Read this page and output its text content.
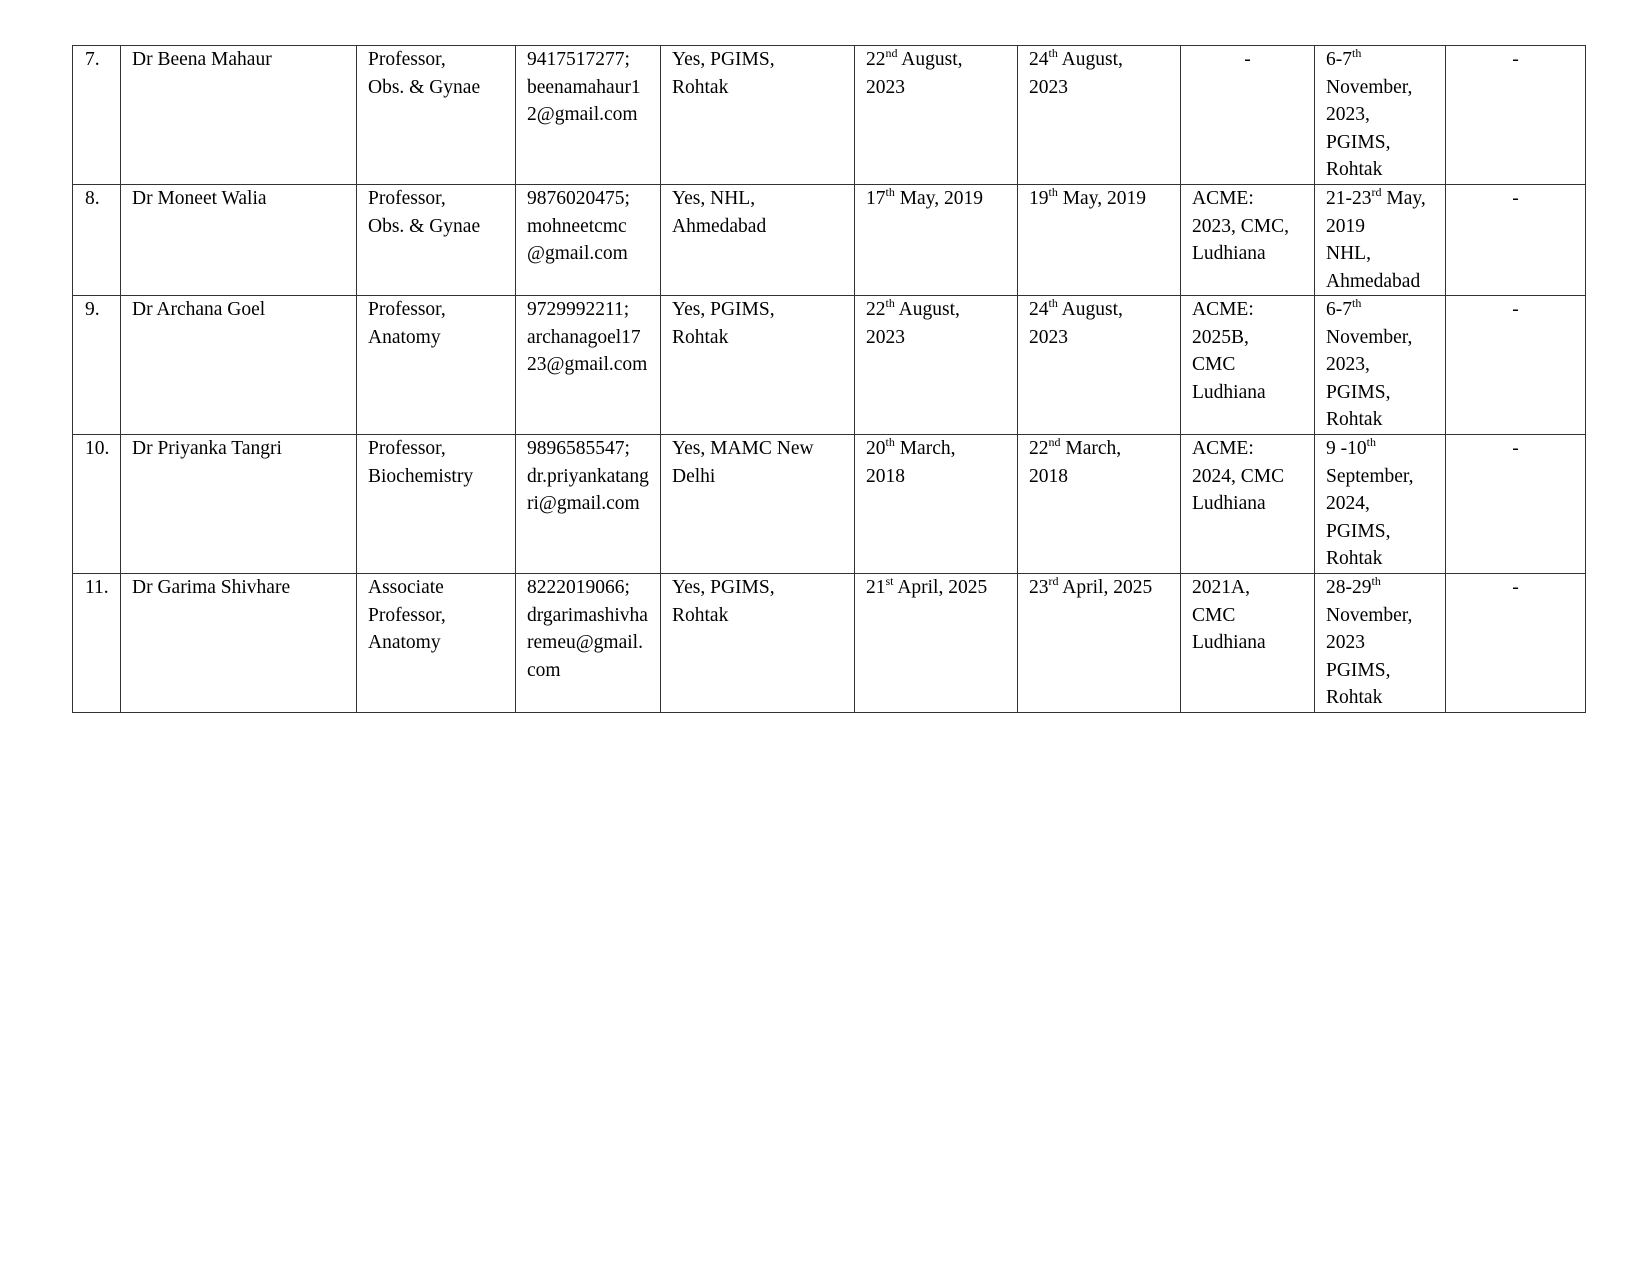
7.	Dr Beena Mahaur	Professor,
Obs. & Gynae	9417517277;
beenamahaur12@gmail.com	Yes, PGIMS,
Rohtak	22nd August,
2023	24th August,
2023	-	6-7th
November,
2023,
PGIMS,
Rohtak	-
8.	Dr Moneet Walia	Professor,
Obs. & Gynae	9876020475;
mohneetcmc
@gmail.com	Yes, NHL,
Ahmedabad	17th May, 2019	19th May, 2019	ACME:
2023, CMC,
Ludhiana	21-23rd May,
2019
NHL,
Ahmedabad	-
9.	Dr Archana Goel	Professor,
Anatomy	9729992211;
archanagoel1723@gmail.com	Yes, PGIMS,
Rohtak	22th August,
2023	24th August,
2023	ACME:
2025B,
CMC
Ludhiana	6-7th
November,
2023,
PGIMS,
Rohtak	-
10.	Dr Priyanka Tangri	Professor,
Biochemistry	9896585547;
dr.priyankatangri@gmail.com	Yes, MAMC New
Delhi	20th March,
2018	22nd March,
2018	ACME:
2024, CMC
Ludhiana	9 -10th
September,
2024,
PGIMS,
Rohtak	-
11.	Dr Garima Shivhare	Associate
Professor,
Anatomy	8222019066;
drgarimashivharemeu@gmail.com	Yes, PGIMS,
Rohtak	21st April, 2025	23rd April, 2025	2021A,
CMC
Ludhiana	28-29th
November,
2023
PGIMS,
Rohtak	-
